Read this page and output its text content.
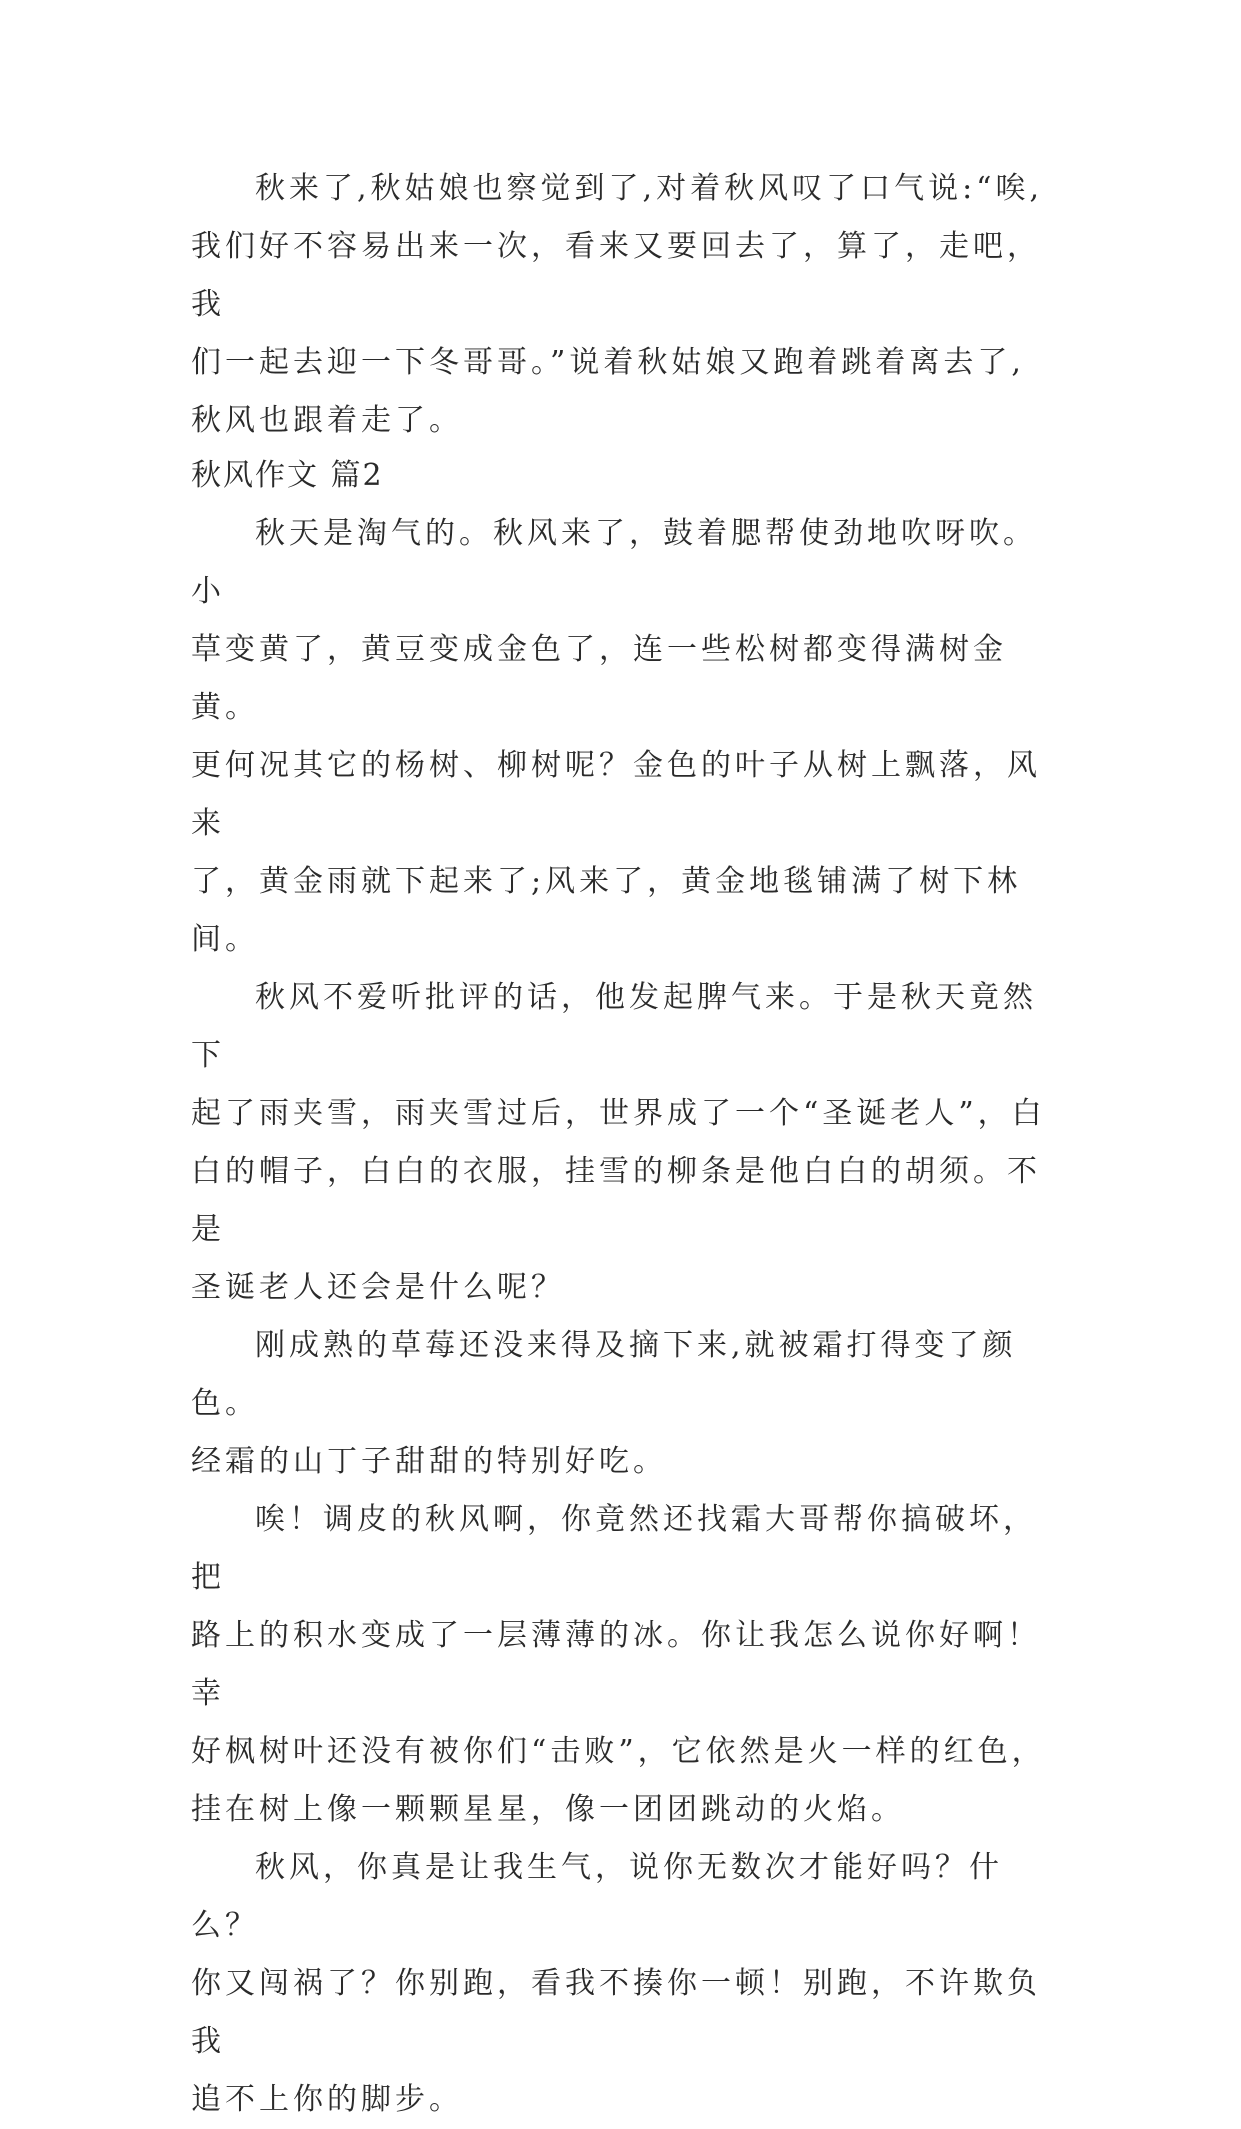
秋来了,秋姑娘也察觉到了,对着秋风叹了口气说:“唉,
我们好不容易出来一次，看来又要回去了，算了，走吧，我
们一起去迎一下冬哥哥。”说着秋姑娘又跑着跳着离去了,
秋风也跟着走了。

秋风作文 篇2

秋天是淘气的。秋风来了，鼓着腮帮使劲地吹呀吹。小
草变黄了，黄豆变成金色了，连一些松树都变得满树金黄。
更何况其它的杨树、柳树呢？金色的叶子从树上飘落，风来
了，黄金雨就下起来了;风来了，黄金地毯铺满了树下林间。

秋风不爱听批评的话，他发起脾气来。于是秋天竟然下
起了雨夹雪，雨夹雪过后，世界成了一个“圣诞老人”，白
白的帽子，白白的衣服，挂雪的柳条是他白白的胡须。不是
圣诞老人还会是什么呢？

刚成熟的草莓还没来得及摘下来,就被霜打得变了颜色。
经霜的山丁子甜甜的特别好吃。

唉！调皮的秋风啊，你竟然还找霜大哥帮你搞破坏，把
路上的积水变成了一层薄薄的冰。你让我怎么说你好啊！幸
好枫树叶还没有被你们“击败”，它依然是火一样的红色，
挂在树上像一颗颗星星，像一团团跳动的火焰。

秋风，你真是让我生气，说你无数次才能好吗？什么？
你又闯祸了？你别跑，看我不揍你一顿！别跑，不许欺负我
追不上你的脚步。
